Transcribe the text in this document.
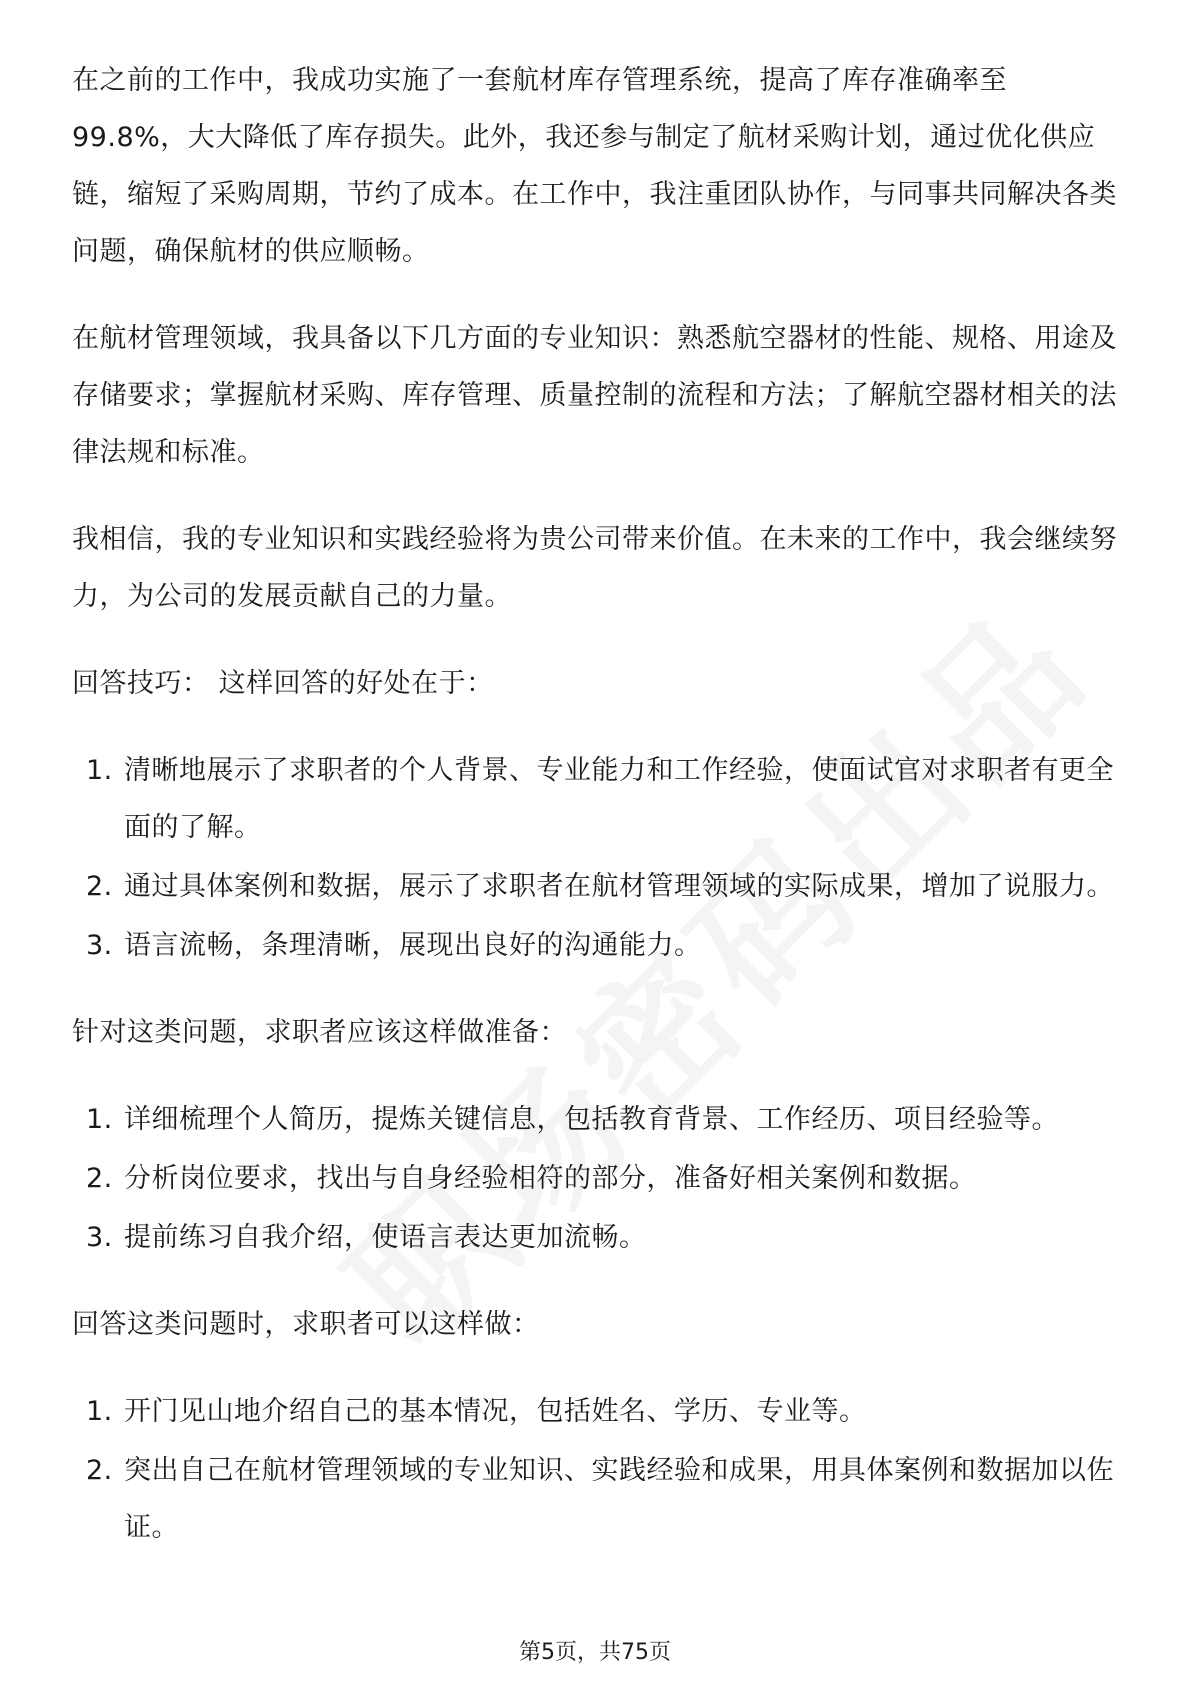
在之前的工作中，我成功实施了一套航材库存管理系统，提高了库存准确率至99.8%，大大降低了库存损失。此外，我还参与制定了航材采购计划，通过优化供应链，缩短了采购周期，节约了成本。在工作中，我注重团队协作，与同事共同解决各类问题，确保航材的供应顺畅。

在航材管理领域，我具备以下几方面的专业知识：熟悉航空器材的性能、规格、用途及存储要求；掌握航材采购、库存管理、质量控制的流程和方法；了解航空器材相关的法律法规和标准。

我相信，我的专业知识和实践经验将为贵公司带来价值。在未来的工作中，我会继续努力，为公司的发展贡献自己的力量。

回答技巧： 这样回答的好处在于：

1. 清晰地展示了求职者的个人背景、专业能力和工作经验，使面试官对求职者有更全面的了解。
2. 通过具体案例和数据，展示了求职者在航材管理领域的实际成果，增加了说服力。
3. 语言流畅，条理清晰，展现出良好的沟通能力。

针对这类问题，求职者应该这样做准备：

1. 详细梳理个人简历，提炼关键信息，包括教育背景、工作经历、项目经验等。
2. 分析岗位要求，找出与自身经验相符的部分，准备好相关案例和数据。
3. 提前练习自我介绍，使语言表达更加流畅。

回答这类问题时，求职者可以这样做：

1. 开门见山地介绍自己的基本情况，包括姓名、学历、专业等。
2. 突出自己在航材管理领域的专业知识、实践经验和成果，用具体案例和数据加以佐证。
第5页，共75页
